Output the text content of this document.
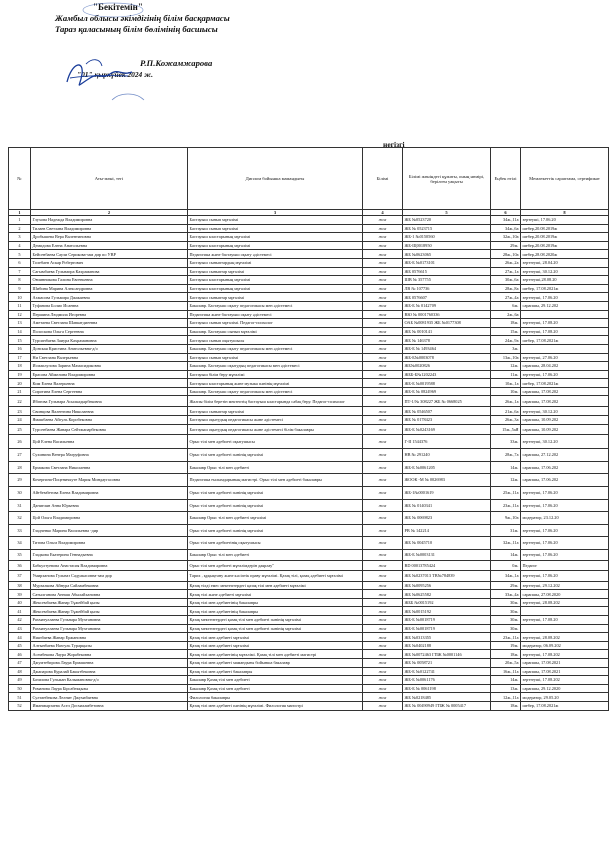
"Бекітемін"
Жамбыл облысы әкімдігінің білім басқармасы
Тараз қаласының білім бөлімінің басшысы
Р.П.Кожамжарова
"01" қыркүйек 2024 ж.
негізгі
№	Аты-жөні, тегі	Диплом бойынша мамандығы	Білімі	Білімі жөніндегі құжаты, оның нөмірі, берілген уақыты	Еңбек өтілі	Мемлекеттік сараптама, сертификат
1	2	3	4	5	6	8
1	Глухова Надежда Владимировна	Бастауыш сынып мұғалімі	жоғ	ЖБ №0523720	34ж.,11а	зертеуші, 17.06.20
2	Тилаев Светлана Владимировна	Бастауыш сынып мұғалімі	жоғ	ЖБ № 0523715	34ж.,6а	шебер,20.08.2019ж
3	Дробышева Вера Валентиновна	Бастауыш кластарының мұғалімі	жоғ	ЖБ-1 №0150560	32ж.,10а	шебер,20.08.2019ж
4	Демидова Елена Анатольевна	Бастауыш кластарының мұғалімі	жоғ	ЖБ-Щ0018950	29ж.	шебер,20.08.2019ж
5	Бейсенбаева Саули Серикова-зам дир по УВР	Педагогика және бастауыш оқыту әдістемесі	жоғ	ЖБ №0623065	28ж.,10а	шебер,28.08.2020ж
6	Толебаев Аскар Робертович	Бастауыш сыныптардың мұғалімі	жоғ	ЖБ-Б №0173101	26ж.,2а	зерттеуші, 28.04.20
7	Сагымбаева Гульнапра Кахраманова	Бастауыш сыныптар мұғалімі	жоғ	ЖБ 0576615	27ж.,1а	зерттеуші, 30.12.20
8	Овчинникова Галина Евгеньевна	Бастауыш кластарының мұғалімі	жоғ	ШВ № 357755	30ж.,6а	зерттеуші,28.08.20
9	Шибина Марина Александровна	Бастауыш кластарының мұғалімі	жоғ	ЛВ № 107736	28ж.,8а	шебер, 17.08.2021ж
10	Ахмасова Гульмира Джакаевна	Бастауыш сыныптар мұғалімі	жоғ	ЖБ 0576607	27ж.,4а	зерттеуші, 17.06.20
11	Туфанова Болио Исаевна	Бакалавр. Бастауыш оқыту педагогикасы мен әдістемесі	жоғ	ЖБ-Б № 0142709	6ж.	сарапшы, 29.12.202
12	Першина Людмила Игоревна	Педагогика және бастауыш оқыту әдістемесі	жоғ	ВЮ № 0001760336	2ж.,6а	
13	Аметаева Светлана Шавкатдиеевна	Бастауыш сынып мұғалімі. Педагог-психолог	жоғ	ОАБ №0081935 ЖБ №0177308	18ж.	зерттеуші, 17.08.20
14	Полоскова Ольга Сергеевна	Бакалавр. Бастауыш сынып мұғалімі	жоғ	ЖБ № 0010141	15ж.	зерттеуші, 17.08.20
15	Турсинбаева Заиура Кахрамановна	Бастауыш сынып оқытушысы	жоғ	ЖБ № 146378	24ж.,9а	шебер, 17.08.2021ж
16	Донская Кристина Анатольевна-д/о	Бакалавр. Бастауыш оқыту педагогикасы мен әдістемесі	жоғ	ЖБ-Б № 1493464	3ж.	
17	Ни Светлана Валерьевна	Бастауыш сынып мұғалімі	жоғ	ЖБ-Б№0003078	13ж.,10а	зерттеуші, 27.06.20
18	Исмаилулова Зарина Мамасидиковна	Бакалавр. Бастауыш оқытудың педагогикасы мен әдістемесі	жоғ	ЖБ№0020826	12ж.	сарапшы, 28.04.202
19	Ерасова Айжелина Владимировна	Бастауыш білім беру мұғалімі	жоғ	ЖББ-Б№1202243	11ж.	зерттеуші, 17.06.20
20	Ким Елена Валерьевна	Бастауыш кластарының және музыка пәнінің мұғалімі	жоғ	ЖБ-Б №0019588	10ж.,1а	шебер, 17.08.2021ж
21	Сиротина Елена Сергеевна	Бакалавр. Бастауыш оқыту педагогикасы мен әдістемесі	жоғ	ЖБ-Б № 0824969	10ж.	сарапшы, 17.08.202
22	Ибатова Гульнара Асылкадырбековна	Жалпы білім беретін мектептің бастауыш кластарында сабақ беру. Педагог-психолог	жоғ	ПТ-1/№ 308227 ЖБ № 0668025	26ж.,1а	сарапшы, 17.08.202
23	Свинцова Валентина Николаевна	Бастауыш сыныптар мұғалімі	жоғ	ЖБ № 0546507	21ж.,6а	зерттеуші, 30.12.20
24	Ямашбаева Айгуль Коробековна	Бастауыш оқытудың педагогикасы және әдістемесі	жоғ	ЖБ № 0178423	26ж.,3а	сарапшы, 10.09.202
25	Турсенбаева Жанара Сейтжапарбековна	Бастауыш оқытудың педагогикасы және әдістемесі білім бакалавры	жоғ	ЖБ-Б №0243169	15ж.,5аЯ	сарапшы, 10.09.202
26	Цой Елена Васильевна	Орыс тілі мен әдебиеті оқытушысы	жоғ	Г-II 1544376	33ж.	зерттеуші, 30.12.20
27	Сухинина Венера Магруфовна	Орыс тілі мен әдебиеті пәнінің мұғалімі	жоғ	НВ № 291240	28ж.,7а	сарапшы, 27.12.202
28	Ермакова Светлана Николаевна	Бакалавр Орыс тілі мен әдебиеті	жоғ	ЖБ-Б №0061205	14ж.	сарапшы, 17.06.202
29	Кочергина-Поценичкуте Мария Миндаугасовна	Педагогика ғылымдарының магистрі. Орыс тілі мен әдебиеті бакалавры	жоғ	ЖООК -М № 0026983	12ж.	сарапшы, 17.06.202
30	Айтбембетова Елена Владимировна	Орыс тілі мен әдебиеті пәнінің мұғалімі	жоғ	ЖБ-1№0001619	25ж.,11а	зерттеуші, 17.06.20
31	Даниелян Анна Юрьевна	Орыс тілі мен әдебиеті пәнінің мұғалімі	жоғ	ЖБ № 0140341	23ж.,11а	зерттеуші, 17.06.20
32	Цой Ольга Владимировна	Бакалавр Орыс тілі мен әдебиеті мұғалімі	жоғ	ЖБ № 0069823	9ж.,10а	модератор, 23.12.20
33	Гладченко Марина Васильевна -дир	Орыс тілі мен әдебиеті пәнінің мұғалімі	жоғ	РВ № 142214	31ж.	зерттеуші, 17.06.20
34	Титова Ольга Владимировна	Орыс тілі мен әдебиетінің оқытушысы	жоғ	ЖБ № 0045710	32ж.,11а	зерттеуші, 17.06.20
35	Гладкова Екатерина Геннадьевна	Бакалавр Орыс тілі мен әдебиеті	жоғ	ЖБ-Б №0003131	14ж.	зерттеуші, 17.06.20
36	Бабкултуевова Анастасия Владимировна	Орыс тілі мен әдебиеті мұғалімдерін даярлау"	жоғ	ВD 00013785424	0ж.	Педагог
37	Умирханова Гульназ Садуакасовна-зам дир	Тарих , құқықтану және кәсіптік праву мұғалімі. Қазақ тілі, қазақ әдебиеті мұғалімі	жоғ	ЖБ №0237013 ТВ№784839	34ж.,1а	зерттеуші, 17.06.20
38	Мурзалкова Айнура Сайламбековна	Қазақ тілді емес мектептердегі қазақ тілі мен әдебиеті мұғалімі	жоғ	ЖБ №0095256	29ж.	зерттеуші, 29.12.202
39	Сатылганова Аннаш Абылайхановна	Қазақ тілі және әдебиеті мұғалімі	жоғ	ЖБ №0625582	33ж.,4а	сарапшы, 27.08.2020
40	Жексембаева Жанар Тұжейбай қызы	Қазақ тілі мен әдебиетінің бакалавры	жоғ	ЖББ №0015192	30ж.	зерттеуші, 28.08.202
41	Жексембаева Жанар Тұжейбай қызы	Қазақ тілі мен әдебиетінің бакалавры	жоғ	ЖБ №0015192	30ж.	
42	Рахматуллаева Гульнара Мухтановна	Қазақ мектептердегі қазақ тілі мен әдебиеті пәнінің мұғалімі	жоғ	ЖБ-Б №0018719	30ж.	зерттеуші, 17.08.20
43	Рахматуллаева Гульнара Мухтановна	Қазақ мектептердегі қазақ тілі мен әдебиеті пәнінің мұғалімі	жоғ	ЖБ-Б №0018719	30ж.	
44	Ниязбаева Жанар Ержановна	Қазақ тілі мен әдебиеті мұғалімі	жоғ	ЖБ №0313355	23ж.,11а	зерттеуші, 28.08.202
45	Алтынбаева Назгуль Турарқызы	Қазақ тілі мен әдебиеті мұғалімі	жоғ	ЖБ №0402188	19ж.	модератор, 06.09.202
46	Асембекова Лаура Жорабековна	Қазақ тілі мен әдебиетінің мұғалімі. Қазақ тілі мен әдебиеті магистрі	жоғ	ЖБ №0072463 ГПЖ №0001146	18ж.	зерттеуші, 17.08.202
47	Джумтебирова Лаура Ермашевна	Қазақ тілі мен әдебиеті мамандығы бойынша бакалавр	жоғ	ЖБ № 0058721	20ж.,5а	сарапшы, 17.08.2021
48	Джапарова Куралай Бакытбековна	Қазақ тілі мен әдебиеті бакалавры	жоғ	ЖБ-Б №0122741	16ж.,11а	сарапшы, 17.08.2021
49	Базилова Гульжан Калымановна-д/о	Бакалавр Қазақ тілі мен әдебиеті	жоғ	ЖБ-Б №0061176	14ж.	зерттеуші, 17.08.202
50	Романова Лаура Бірсабекқызы	Бакалавр Қазақ тілі мен әдебиеті	жоғ	ЖБ-Б № 0061198	13ж.	сарапшы, 29.12.2020
51	Султанбекова Лелнит Джумабаевна	Филология бакалавры	жоғ	ЖБ №0218485	12ж.,11а	модератор, 29.05.20
52	Иманмырзаева Асел Досмахамбетовна	Қазақ тілі мен әдебиеті пәнінің мұғалімі. Филология магистрі	жоғ	ЖБ № 00490949 ГПЖ № 0005417	18ж.	шебер, 17.08.2021ж
